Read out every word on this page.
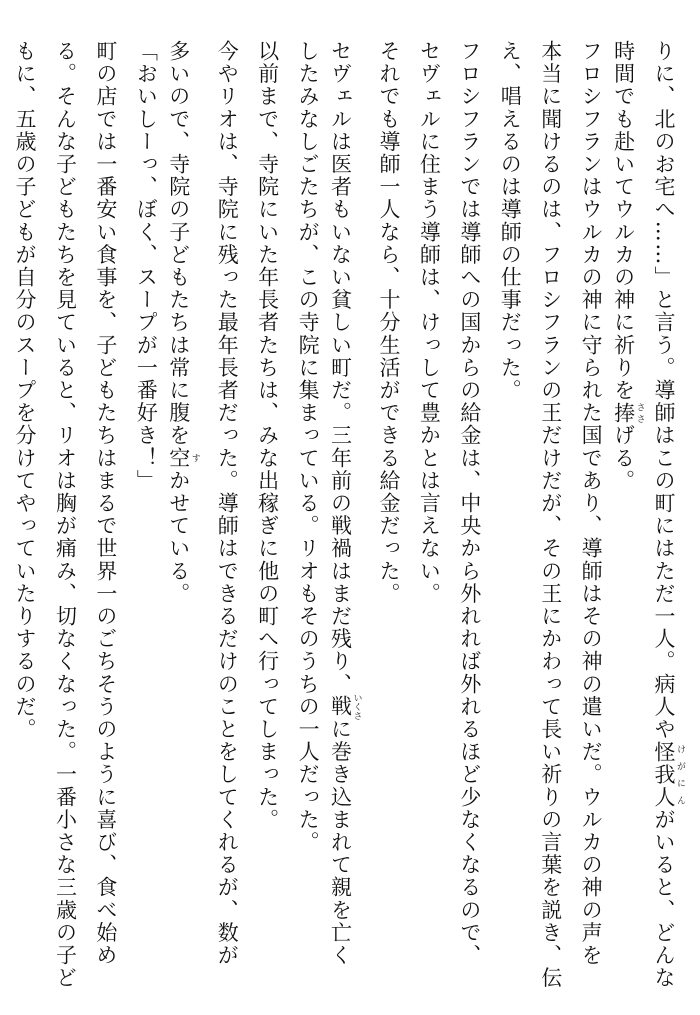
りに、北のお宅へ……」と言う。導師はこの町にはただ一人。病人や怪我人 けがにんがいると、どんな
時間でも赴いてウルカの神に祈りを捧 ささげる。
フロシフランはウルカの神に守られた国であり、導師はその神の遣いだ。ウルカの神の声を
本当に聞けるのは、フロシフランの王だけだが、その王にかわって長い祈りの言葉を説き、伝
え、唱えるのは導師の仕事だった。
フロシフランでは導師への国からの給金は、中央から外れれば外れるほど少なくなるので、
セヴェルに住まう導師は、けっして豊かとは言えない。
それでも導師一人なら、十分生活ができる給金だった。
セヴェルは医者もいない貧しい町だ。三年前の戦禍はまだ残り、戦 いくさに巻き込まれて親を亡く
したみなしごたちが、この寺院に集まっている。リオもそのうちの一人だった。
以前まで、寺院にいた年長者たちは、みな出稼ぎに他の町へ行ってしまった。
今やリオは、寺院に残った最年長者だった。導師はできるだけのことをしてくれるが、数が
多いので、寺院の子どもたちは常に腹を空 すかせている。
「おいしーっ、ぼく、スープが一番好き！」
町の店では一番安い食事を、子どもたちはまるで世界一のごちそうのように喜び、食べ始め
る。そんな子どもたちを見ていると、リオは胸が痛み、切なくなった。一番小さな三歳の子ど
もに、五歳の子どもが自分のスープを分けてやっていたりするのだ。
